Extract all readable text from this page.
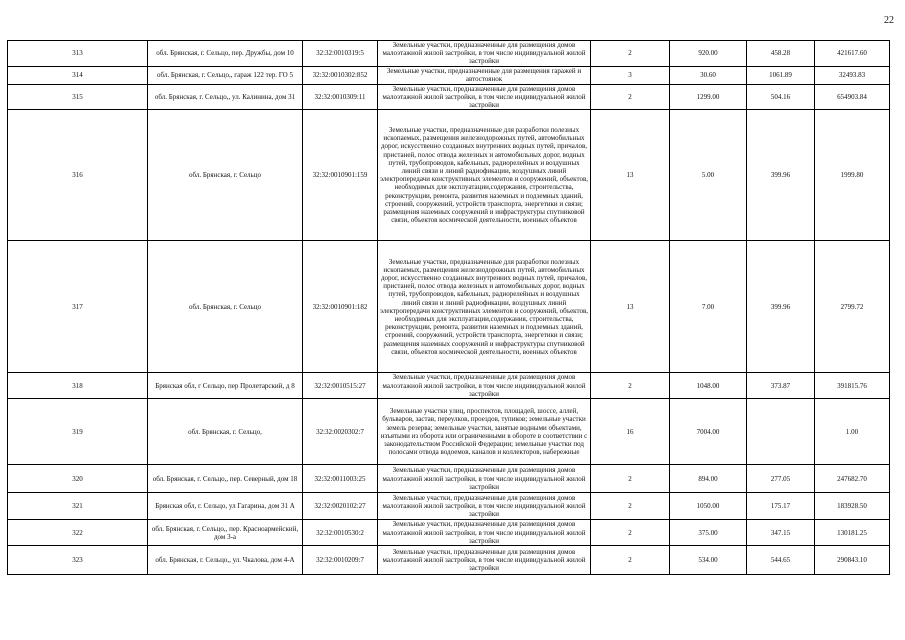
22
313	обл. Брянская, г. Сельцо, пер. Дружбы, дом 10	32:32:0010319:5	Земельные участки, предназначенные для размещения домов малоэтажной жилой застройки, в том числе индивидуальной жилой застройки	2	920.00	458.28	421617.60
314	обл. Брянская, г. Сельцо,, гараж 122 тер. ГО 5	32:32:0010302:852	Земельные участки, предназначенные для размещения гаражей и автостоянок	3	30.60	1061.89	32493.83
315	обл. Брянская, г. Сельцо,, ул. Калинина, дом 31	32:32:0010309:11	Земельные участки, предназначенные для размещения домов малоэтажной жилой застройки, в том числе индивидуальной жилой застройки	2	1299.00	504.16	654903.84
316	обл. Брянская, г. Сельцо	32:32:0010901:159	Земельные участки, предназначенные для разработки полезных ископаемых, размещения железнодорожных путей, автомобильных дорог, искусственно созданных внутренних водных путей, причалов, пристаней, полос отвода железных и автомобильных дорог, водных путей, трубопроводов, кабельных, радиорелейных и воздушных линий связи и линий радиофикации, воздушных линий электропередачи конструктивных элементов и сооружений, объектов, необходимых для эксплуатации,содержания, строительства, реконструкции, ремонта, развития наземных и подземных зданий, строений, сооружений, устройств транспорта, энергетики и связи; размещения наземных сооружений и инфраструктуры спутниковой связи, объектов космической деятельности, военных объектов	13	5.00	399.96	1999.80
317	обл. Брянская, г. Сельцо	32:32:0010901:182	Земельные участки, предназначенные для разработки полезных ископаемых, размещения железнодорожных путей, автомобильных дорог, искусственно созданных внутренних водных путей, причалов, пристаней, полос отвода железных и автомобильных дорог, водных путей, трубопроводов, кабельных, радиорелейных и воздушных линий связи и линий радиофикации, воздушных линий электропередачи конструктивных элементов и сооружений, объектов, необходимых для эксплуатации,содержания, строительства, реконструкции, ремонта, развития наземных и подземных зданий, строений, сооружений, устройств транспорта, энергетики и связи; размещения наземных сооружений и инфраструктуры спутниковой связи, объектов космической деятельности, военных объектов	13	7.00	399.96	2799.72
318	Брянская обл, г Сельцо, пер Пролетарский, д 8	32:32:0010515:27	Земельные участки, предназначенные для размещения домов малоэтажной жилой застройки, в том числе индивидуальной жилой застройки	2	1048.00	373.87	391815.76
319	обл. Брянская, г. Сельцо,	32:32:0020302:7	Земельные участки улиц, проспектов, площадей, шоссе, аллей, бульваров, застав, переулков, проездов, тупиков; земельные участки земель резерва; земельные участки, занятые водными объектами, изъятыми из оборота или ограниченными в обороте в соответствии с законодательством Российской Федерации; земельные участки под полосами отвода водоемов, каналов и коллекторов, набережные	16	7004.00		1.00
320	обл. Брянская, г. Сельцо,, пер. Северный, дом 18	32:32:0011003:25	Земельные участки, предназначенные для размещения домов малоэтажной жилой застройки, в том числе индивидуальной жилой застройки	2	894.00	277.05	247682.70
321	Брянская обл, г. Сельцо, ул Гагарина, дом 31 А	32:32:0020102:27	Земельные участки, предназначенные для размещения домов малоэтажной жилой застройки, в том числе индивидуальной жилой застройки	2	1050.00	175.17	183928.50
322	обл. Брянская, г. Сельцо,, пер. Красноармейский, дом 3-а	32:32:0010530:2	Земельные участки, предназначенные для размещения домов малоэтажной жилой застройки, в том числе индивидуальной жилой застройки	2	375.00	347.15	130181.25
323	обл. Брянская, г. Сельцо,, ул. Чкалова, дом 4-А	32:32:0010209:7	Земельные участки, предназначенные для размещения домов малоэтажной жилой застройки, в том числе индивидуальной жилой застройки	2	534.00	544.65	290843.10
